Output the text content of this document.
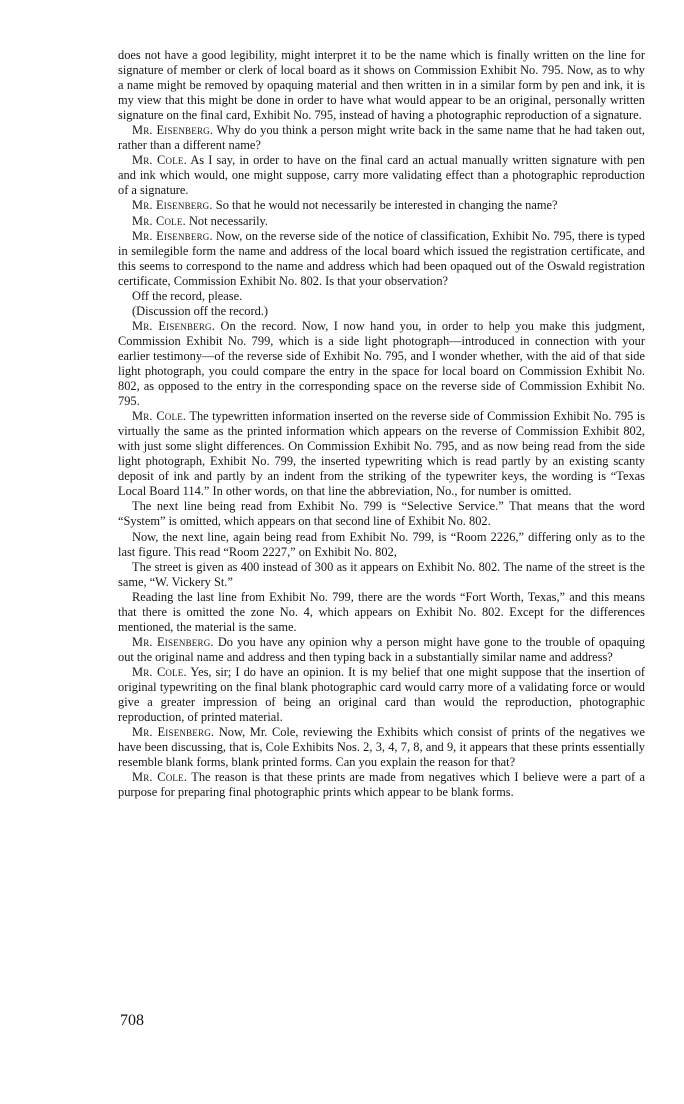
does not have a good legibility, might interpret it to be the name which is finally written on the line for signature of member or clerk of local board as it shows on Commission Exhibit No. 795. Now, as to why a name might be removed by opaquing material and then written in in a similar form by pen and ink, it is my view that this might be done in order to have what would appear to be an original, personally written signature on the final card, Exhibit No. 795, instead of having a photographic reproduction of a signature.

Mr. Eisenberg. Why do you think a person might write back in the same name that he had taken out, rather than a different name?

Mr. Cole. As I say, in order to have on the final card an actual manually written signature with pen and ink which would, one might suppose, carry more validating effect than a photographic reproduction of a signature.

Mr. Eisenberg. So that he would not necessarily be interested in changing the name?

Mr. Cole. Not necessarily.

Mr. Eisenberg. Now, on the reverse side of the notice of classification, Exhibit No. 795, there is typed in semilegible form the name and address of the local board which issued the registration certificate, and this seems to correspond to the name and address which had been opaqued out of the Oswald registration certificate, Commission Exhibit No. 802. Is that your observation?

Off the record, please.

(Discussion off the record.)

Mr. Eisenberg. On the record. Now, I now hand you, in order to help you make this judgment, Commission Exhibit No. 799, which is a side light photograph—introduced in connection with your earlier testimony—of the reverse side of Exhibit No. 795, and I wonder whether, with the aid of that side light photograph, you could compare the entry in the space for local board on Commission Exhibit No. 802, as opposed to the entry in the corresponding space on the reverse side of Commission Exhibit No. 795.

Mr. Cole. The typewritten information inserted on the reverse side of Commission Exhibit No. 795 is virtually the same as the printed information which appears on the reverse of Commission Exhibit 802, with just some slight differences. On Commission Exhibit No. 795, and as now being read from the side light photograph, Exhibit No. 799, the inserted typewriting which is read partly by an existing scanty deposit of ink and partly by an indent from the striking of the typewriter keys, the wording is “Texas Local Board 114.” In other words, on that line the abbreviation, No., for number is omitted.

The next line being read from Exhibit No. 799 is “Selective Service.” That means that the word “System” is omitted, which appears on that second line of Exhibit No. 802.

Now, the next line, again being read from Exhibit No. 799, is “Room 2226,” differing only as to the last figure. This read “Room 2227,” on Exhibit No. 802,

The street is given as 400 instead of 300 as it appears on Exhibit No. 802. The name of the street is the same, “W. Vickery St.”

Reading the last line from Exhibit No. 799, there are the words “Fort Worth, Texas,” and this means that there is omitted the zone No. 4, which appears on Exhibit No. 802. Except for the differences mentioned, the material is the same.

Mr. Eisenberg. Do you have any opinion why a person might have gone to the trouble of opaquing out the original name and address and then typing back in a substantially similar name and address?

Mr. Cole. Yes, sir; I do have an opinion. It is my belief that one might suppose that the insertion of original typewriting on the final blank photographic card would carry more of a validating force or would give a greater impression of being an original card than would the reproduction, photographic reproduction, of printed material.

Mr. Eisenberg. Now, Mr. Cole, reviewing the Exhibits which consist of prints of the negatives we have been discussing, that is, Cole Exhibits Nos. 2, 3, 4, 7, 8, and 9, it appears that these prints essentially resemble blank forms, blank printed forms. Can you explain the reason for that?

Mr. Cole. The reason is that these prints are made from negatives which I believe were a part of a purpose for preparing final photographic prints which appear to be blank forms.

708
